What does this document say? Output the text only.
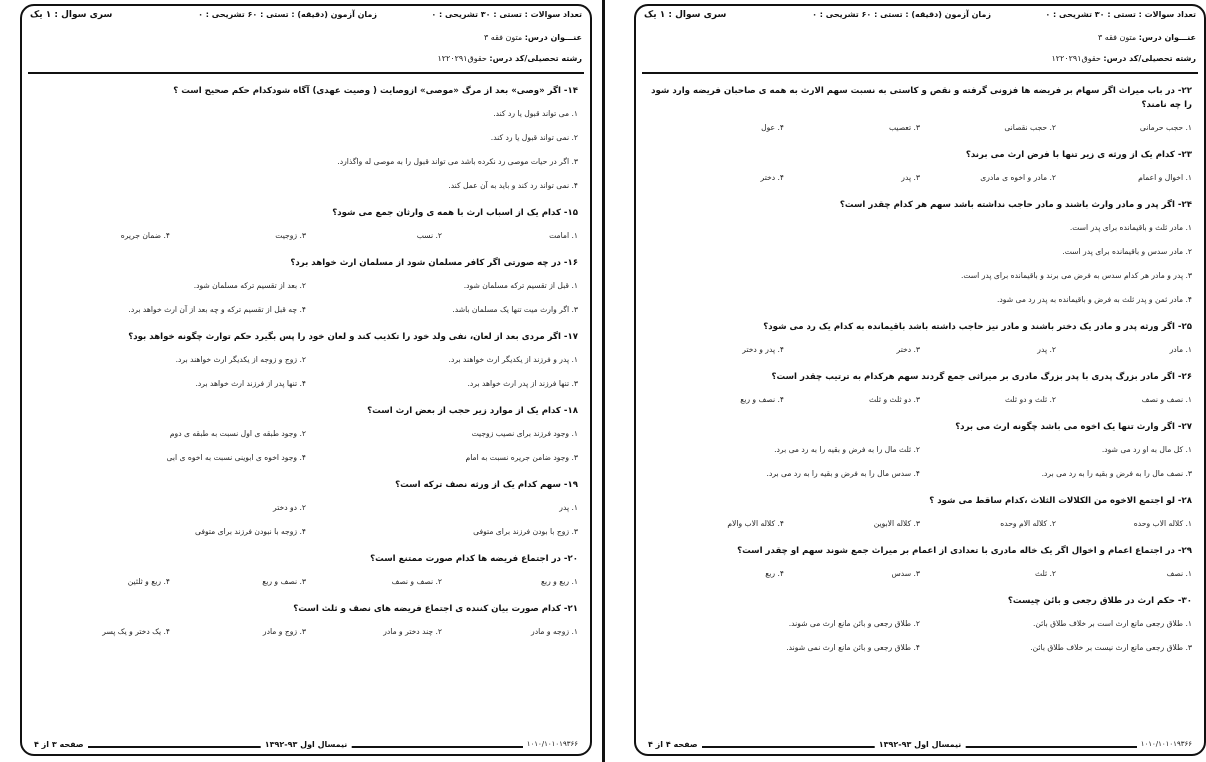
تعداد سوالات : تستی : ۳۰ تشریحی : ۰
زمان آزمون (دقیقه) : تستی : ۶۰ تشریحی : ۰
سری سوال : ۱ یک
عنـــوان درس: متون فقه ۳
رشته تحصیلی/کد درس: حقوق۱۲۲۰۲۹۱
۱۴- اگر «وصی» بعد از مرگ «موصی» ازوصایت ( وصیت عهدی) آگاه شودکدام حکم صحیح است ؟
۱. می تواند قبول یا رد کند.
۲. نمی تواند قبول یا رد کند.
۳. اگر در حیات موصی رد نکرده باشد می تواند قبول را به موصی له واگذارد.
۴. نمی تواند رد کند و باید به آن عمل کند.
۱۵- کدام یک از اسباب ارث با همه ی وارثان جمع می شود؟
۱. امامت
۲. نسب
۳. زوجیت
۴. ضمان جریره
۱۶- در چه صورتی اگر کافر مسلمان شود از مسلمان ارث خواهد برد؟
۱. قبل از تقسیم ترکه مسلمان شود.
۲. بعد از تقسیم ترکه مسلمان شود.
۳. اگر وارث میت تنها یک مسلمان باشد.
۴. چه قبل از تقسیم ترکه و چه بعد از آن ارث خواهد برد.
۱۷- اگر مردی بعد از لعان، نفی ولد خود را تکذیب کند و لعان خود را پس بگیرد حکم توارث چگونه خواهد بود؟
۱. پدر و فرزند از یکدیگر ارث خواهند برد.
۲. زوج و زوجه از یکدیگر ارث خواهند برد.
۳. تنها فرزند از پدر ارث خواهد برد.
۴. تنها پدر از فرزند ارث خواهد برد.
۱۸- کدام یک از موارد زیر حجب از بعض ارث است؟
۱. وجود فرزند برای نصیب زوجیت
۲. وجود طبقه ی اول نسبت به طبقه ی دوم
۳. وجود ضامن جریره نسبت به امام
۴. وجود اخوه ی ابوینی نسبت به اخوه ی ابی
۱۹- سهم کدام یک از ورثه نصف ترکه است؟
۱. پدر
۲. دو دختر
۳. زوج با بودن فرزند برای متوفی
۴. زوجه با نبودن فرزند برای متوفی
۲۰- در اجتماع فریضه ها کدام صورت ممتنع است؟
۱. ربع و ربع
۲. نصف و نصف
۳. نصف و ربع
۴. ربع و ثلثین
۲۱- کدام صورت بیان کننده ی اجتماع فریضه های نصف و ثلث است؟
۱. زوجه و مادر
۲. چند دختر و مادر
۳. زوج و مادر
۴. یک دختر و یک پسر
۱۰۱۰/۱۰۱۰۱۹۳۶۶
نیمسال اول ۹۳-۱۳۹۲
صفحه ۳ از ۴
تعداد سوالات : تستی : ۳۰ تشریحی : ۰
زمان آزمون (دقیقه) : تستی : ۶۰ تشریحی : ۰
سری سوال : ۱ یک
عنـــوان درس: متون فقه ۳
رشته تحصیلی/کد درس: حقوق۱۲۲۰۲۹۱
۲۲- در باب میراث اگر سهام بر فریضه ها فزونی گرفته و نقص و کاستی به نسبت سهم الارث به همه ی صاحبان فریضه وارد شود را چه نامند؟
۱. حجب حرمانی
۲. حجب نقصانی
۳. تعصیب
۴. عول
۲۳- کدام یک از ورثه ی زیر تنها با فرض ارث می برند؟
۱. اخوال و اعمام
۲. مادر و اخوه ی مادری
۳. پدر
۴. دختر
۲۴- اگر پدر و مادر وارث باشند و مادر حاجب نداشته باشد سهم هر کدام چقدر است؟
۱. مادر ثلث و باقیمانده برای پدر است.
۲. مادر سدس و باقیمانده برای پدر است.
۳. پدر و مادر هر کدام سدس به فرض می برند و باقیمانده برای پدر است.
۴. مادر ثمن و پدر ثلث به فرض و باقیمانده به پدر رد می شود.
۲۵- اگر ورثه پدر و مادر یک دختر باشند و مادر نیز حاجب داشته باشد باقیمانده به کدام یک رد می شود؟
۱. مادر
۲. پدر
۳. دختر
۴. پدر و دختر
۲۶- اگر مادر بزرگ پدری با پدر بزرگ مادری بر میراثی جمع گردند سهم هرکدام به ترتیب چقدر است؟
۱. نصف و نصف
۲. ثلث و دو ثلث
۳. دو ثلث و ثلث
۴. نصف و ربع
۲۷- اگر وارث تنها یک اخوه می باشد چگونه ارث می برد؟
۱. کل مال به او رد می شود.
۲. ثلث مال را به فرض و بقیه را به رد می برد.
۳. نصف مال را به فرض و بقیه را به رد می برد.
۴. سدس مال را به فرض و بقیه را به رد می برد.
۲۸- لو اجتمع الاخوه من الکلالات الثلاث ،کدام ساقط می شود ؟
۱. کلاله الاب وحده
۲. کلاله الام وحده
۳. کلاله الابوین
۴. کلاله الاب والام
۲۹- در اجتماع اعمام و اخوال اگر یک خاله مادری با تعدادی از اعمام بر میراث جمع شوند سهم او چقدر است؟
۱. نصف
۲. ثلث
۳. سدس
۴. ربع
۳۰- حکم ارث در طلاق رجعی و بائن چیست؟
۱. طلاق رجعی مانع ارث است بر خلاف طلاق بائن.
۲. طلاق رجعی و بائن مانع ارث می شوند.
۳. طلاق رجعی مانع ارث نیست بر خلاف طلاق بائن.
۴. طلاق رجعی و بائن مانع ارث نمی شوند.
۱۰۱۰/۱۰۱۰۱۹۳۶۶
نیمسال اول ۹۳-۱۳۹۲
صفحه ۴ از ۴
